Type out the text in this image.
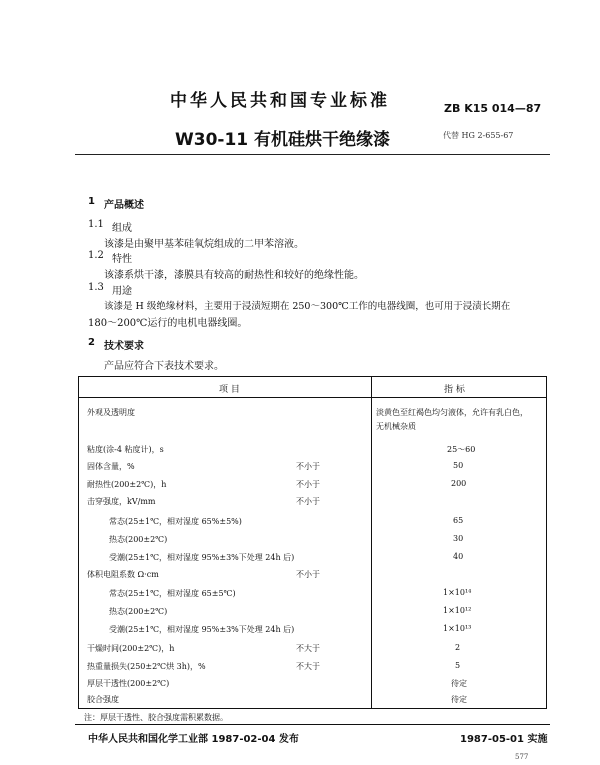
中华人民共和国专业标准	ZB K15 014—87
W30-11 有机硅烘干绝缘漆	代替 HG 2-655-67
1 产品概述
1.1 组成
该漆是由聚甲基苯硅氧烷组成的二甲苯溶液。
1.2 特性
该漆系烘干漆，漆膜具有较高的耐热性和较好的绝缘性能。
1.3 用途
该漆是 H 级绝缘材料，主要用于浸渍短期在 250～300℃工作的电器线圈，也可用于浸渍长期在
180～200℃运行的电机电器线圈。
2 技术要求
产品应符合下表技术要求。
项 目	指 标
外观及透明度	淡黄色至红褐色均匀液体，允许有乳白色，
无机械杂质
粘度(涂-4 粘度计)，s	25～60
固体含量，%	不小于	50
耐热性(200±2℃)，h	不小于	200
击穿强度，kV/mm	不小于
常态(25±1℃，相对湿度 65%±5%)	65
热态(200±2℃)	30
受潮(25±1℃，相对湿度 95%±3%下处理 24h 后)	40
体积电阻系数 Ω·cm	不小于
常态(25±1℃，相对湿度 65±5℃)	1×10¹⁴
热态(200±2℃)	1×10¹²
受潮(25±1℃，相对湿度 95%±3%下处理 24h 后)	1×10¹³
干燥时间(200±2℃)，h	不大于	2
热重量损失(250±2℃烘 3h)，%	不大于	5
厚层干透性(200±2℃)	待定
胶合强度	待定
注：厚层干透性、胶合强度需积累数据。
中华人民共和国化学工业部 1987-02-04 发布	1987-05-01 实施
577
